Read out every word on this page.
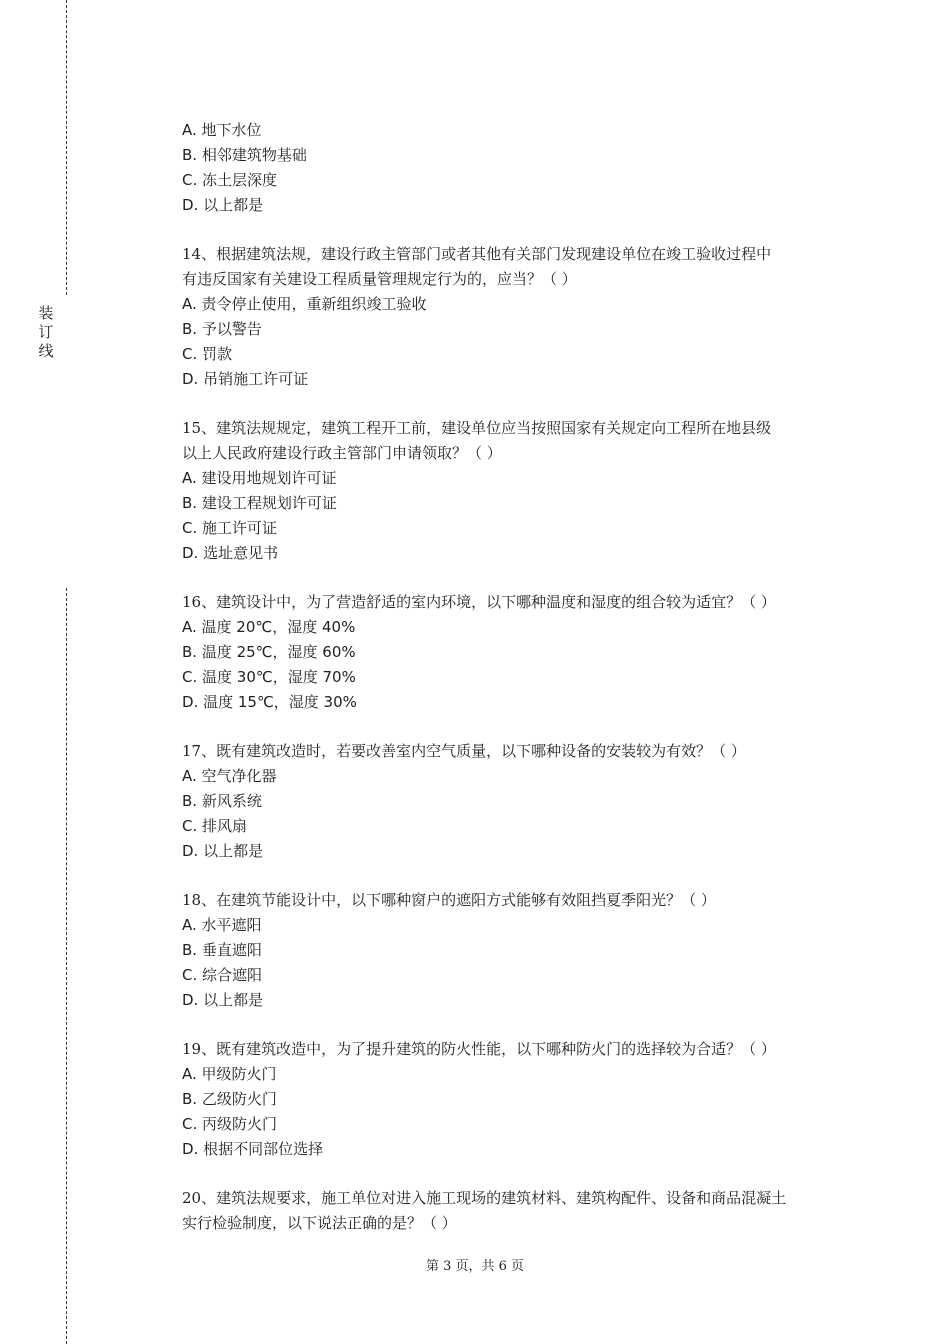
装
订
线
A. 地下水位
B. 相邻建筑物基础
C. 冻土层深度
D. 以上都是
14、根据建筑法规，建设行政主管部门或者其他有关部门发现建设单位在竣工验收过程中
有违反国家有关建设工程质量管理规定行为的，应当？（ ）
A. 责令停止使用，重新组织竣工验收
B. 予以警告
C. 罚款
D. 吊销施工许可证
15、建筑法规规定，建筑工程开工前，建设单位应当按照国家有关规定向工程所在地县级
以上人民政府建设行政主管部门申请领取？（ ）
A. 建设用地规划许可证
B. 建设工程规划许可证
C. 施工许可证
D. 选址意见书
16、建筑设计中，为了营造舒适的室内环境，以下哪种温度和湿度的组合较为适宜？（ ）
A. 温度 20℃，湿度 40%
B. 温度 25℃，湿度 60%
C. 温度 30℃，湿度 70%
D. 温度 15℃，湿度 30%
17、既有建筑改造时，若要改善室内空气质量，以下哪种设备的安装较为有效？（ ）
A. 空气净化器
B. 新风系统
C. 排风扇
D. 以上都是
18、在建筑节能设计中，以下哪种窗户的遮阳方式能够有效阻挡夏季阳光？（ ）
A. 水平遮阳
B. 垂直遮阳
C. 综合遮阳
D. 以上都是
19、既有建筑改造中，为了提升建筑的防火性能，以下哪种防火门的选择较为合适？（ ）
A. 甲级防火门
B. 乙级防火门
C. 丙级防火门
D. 根据不同部位选择
20、建筑法规要求，施工单位对进入施工现场的建筑材料、建筑构配件、设备和商品混凝土
实行检验制度，以下说法正确的是？（ ）
第 3 页，共 6 页
